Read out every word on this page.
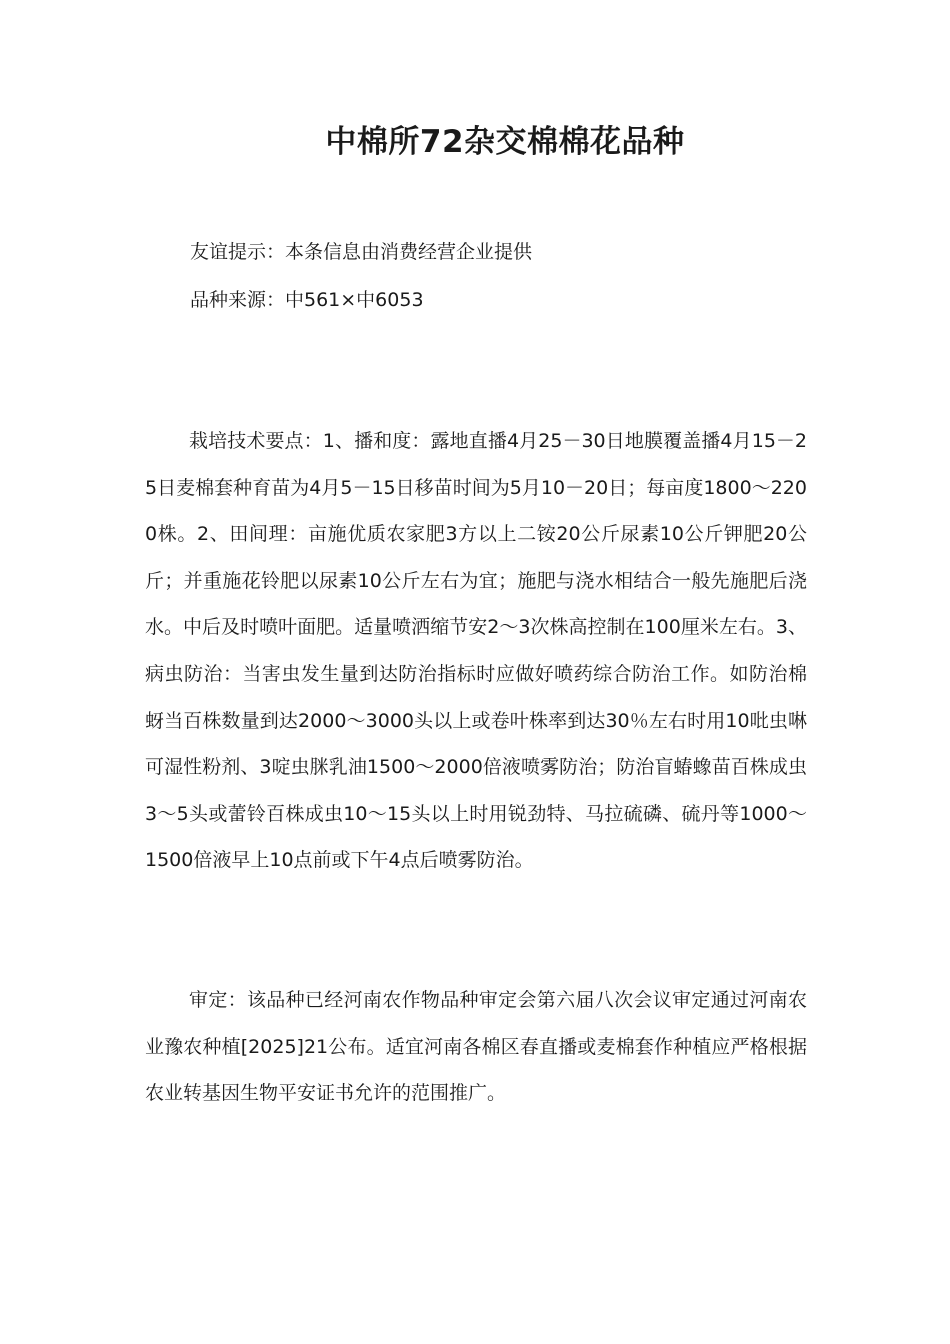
中棉所72杂交棉棉花品种

友谊提示：本条信息由消费经营企业提供

品种来源：中561×中6053

栽培技术要点：1、播和度：露地直播4月25－30日地膜覆盖播4月15－25日麦棉套种育苗为4月5－15日移苗时间为5月10－20日；每亩度1800～2200株。2、田间理：亩施优质农家肥3方以上二铵20公斤尿素10公斤钾肥20公斤；并重施花铃肥以尿素10公斤左右为宜；施肥与浇水相结合一般先施肥后浇水。中后及时喷叶面肥。适量喷洒缩节安2～3次株高控制在100厘米左右。3、病虫防治：当害虫发生量到达防治指标时应做好喷药综合防治工作。如防治棉蚜当百株数量到达2000～3000头以上或卷叶株率到达30％左右时用10吡虫啉可湿性粉剂、3啶虫脒乳油1500～2000倍液喷雾防治；防治盲蝽蟓苗百株成虫3～5头或蕾铃百株成虫10～15头以上时用锐劲特、马拉硫磷、硫丹等1000～1500倍液早上10点前或下午4点后喷雾防治。

审定：该品种已经河南农作物品种审定会第六届八次会议审定通过河南农业豫农种植[2025]21公布。适宜河南各棉区春直播或麦棉套作种植应严格根据农业转基因生物平安证书允许的范围推广。
